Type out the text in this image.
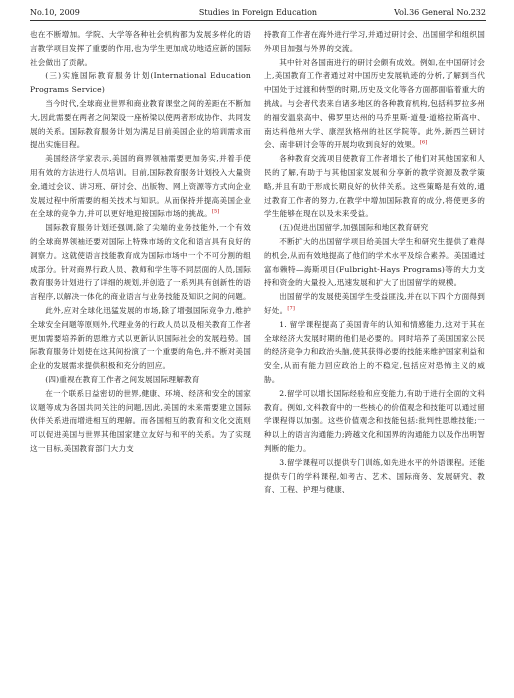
No.10, 2009	Studies in Foreign Education	Vol.36 General No.232

也在不断增加。学院、大学等各种社会机构都为发展多样化的语言教学项目发挥了重要的作用,也为学生更加成功地适应新的国际社会做出了贡献。

(三)实施国际教育服务计划(International Education Programs Service)

当今时代,全球商业世界和商业教育课堂之间的差距在不断加大,因此需要在两者之间架设一座桥梁以使两者形成协作、共同发展的关系。国际教育服务计划为满足目前美国企业的培训需求而提出实施目程。

美国经济学家表示,美国的商界领袖需要更加务实,并着手使用有效的方法进行人员培训。目前,国际教育服务计划投入大量资金,通过会议、讲习班、研讨会、出版物、网上资源等方式向企业发展过程中所需要的相关技术与知识。从而保持并提高美国企业在全球的竞争力,并可以更好地迎接国际市场的挑战。[5]

国际教育服务计划还强调,除了尖端的业务技能外,一个有效的全球商界领袖还要对国际上特殊市场的文化和语言具有良好的洞察力。这就使语言技能教育成为国际市场中一个不可分割的组成部分。针对商界行政人员、教师和学生等不同层面的人员,国际教育服务计划进行了详细的规划,并创造了一系列具有创新性的语言程序,以解决一体化的商业语言与业务技能及知识之间的问题。

此外,应对全球化迅猛发展的市场,除了增强国际竞争力,维护全球安全问题等原则外,代理业务的行政人员以及相关教育工作者更加需要培养新的思维方式以更新认识国际社会的发展趋势。国际教育服务计划使在这其间扮演了一个重要的角色,并不断对美国企业的发展需求提供积极和充分的回应。

(四)重视在教育工作者之间发展国际理解教育

在一个联系日益密切的世界,健康、环境、经济和安全的国家议题等成为各国共同关注的问题,因此,美国的未来需要建立国际伙伴关系进而增进相互的理解。而各国相互的教育和文化交流则可以促进美国与世界其他国家建立友好与和平的关系。为了实现这一目标,美国教育部门大力支

持教育工作者在海外进行学习,并通过研讨会、出国留学和组织国外项目加强与外界的交流。

其中针对各国南进行的研讨会颇有成效。例如,在中国研讨会上,美国教育工作者通过对中国历史发展轨迹的分析,了解到当代中国处于过渡和转型的时期,历史及文化等各方面都面临着重大的挑战。与会者代表来自诸多地区的各种教育机构,包括科罗拉多州的福安温泉高中、佛罗里达州的马乔里斯·道曼·道格拉斯高中、南达科他州大学、康涅狄格州的社区学院等。此外,新西兰研讨会、南非研讨会等的开展均收到良好的效果。[6]

各种教育交流项目使教育工作者增长了他们对其他国家和人民的了解,有助于与其他国家发展和分享新的教学资源及教学策略,并且有助于形成长期良好的伙伴关系。这些策略是有效的,通过教育工作者的努力,在教学中增加国际教育的成分,将使更多的学生能够在现在以及未来受益。

(五)促进出国留学,加强国际和地区教育研究

不断扩大的出国留学项目给美国大学生和研究生提供了难得的机会,从而有效地提高了他们的学术水平及综合素养。美国通过富布赖特—海斯项目(Fulbright-Hays Programs)等的大力支持和资金的大量投入,迅速发展和扩大了出国留学的规模。

出国留学的发展使美国学生受益匪浅,并在以下四个方面得到好处。[7]

1. 留学课程提高了美国青年的认知和情感能力,这对于其在全球经济大发展时期的他们是必要的。同时培养了美国国家公民的经济竞争力和政治头脑,使其获得必要的技能来维护国家利益和安全,从而有能力回应政治上的不稳定,包括应对恐怖主义的威胁。

2.留学可以增长国际经验和应变能力,有助于进行全面的文科教育。例如,文科教育中的一些核心的价值观念和技能可以通过留学课程得以加强。这些价值观念和技能包括:批判性思维技能;一种以上的语言沟通能力;跨越文化和国界的沟通能力以及作出明智判断的能力。

3.留学课程可以提供专门训练,如先进水平的外语课程。还能提供专门的学科课程,如考古、艺术、国际商务、发展研究、教育、工程、护理与健康、
